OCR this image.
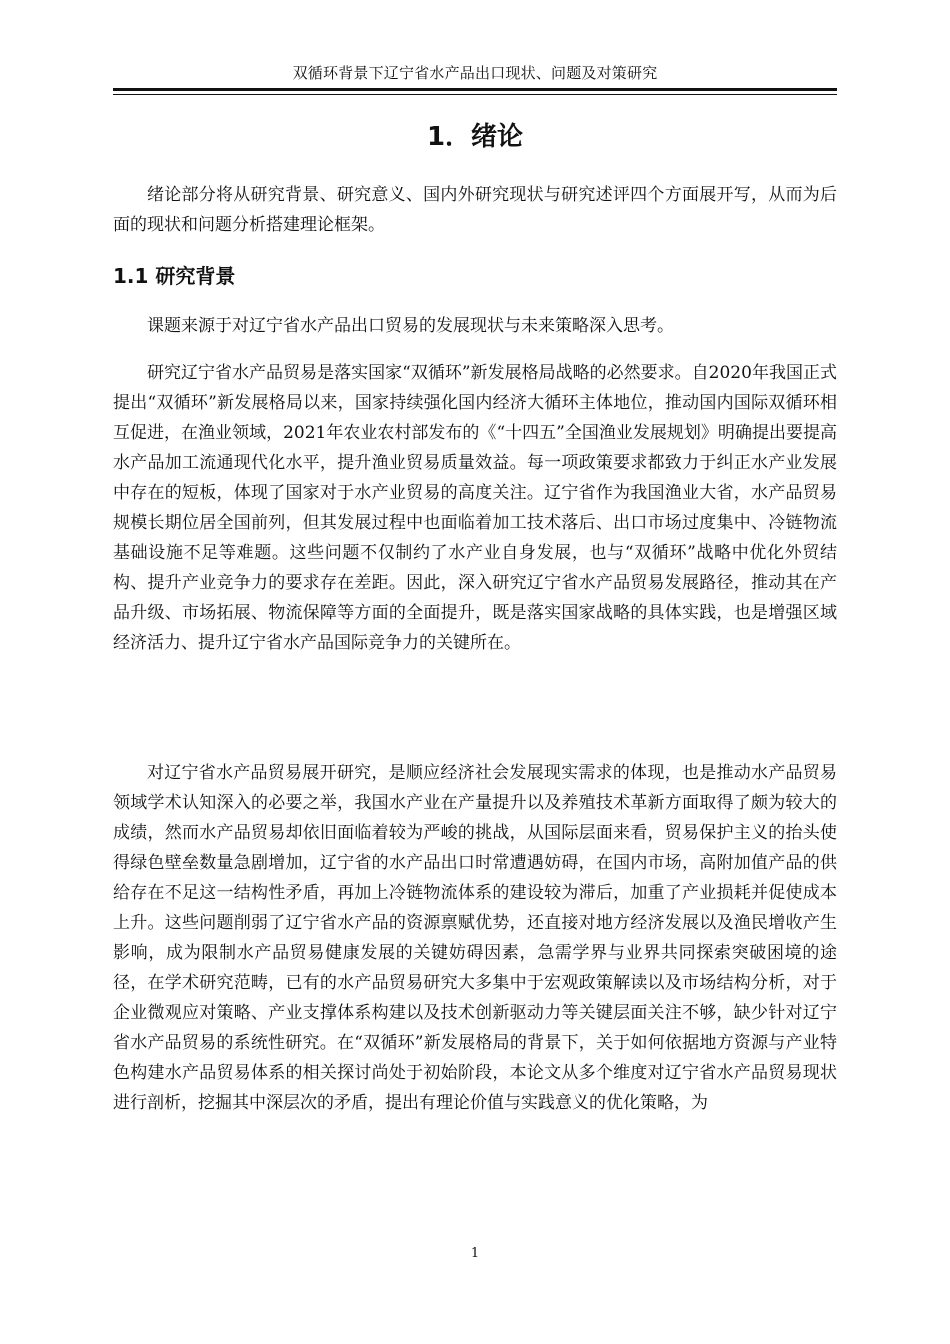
双循环背景下辽宁省水产品出口现状、问题及对策研究
1．绪论

绪论部分将从研究背景、研究意义、国内外研究现状与研究述评四个方面展开写，从而为后面的现状和问题分析搭建理论框架。

1.1 研究背景

课题来源于对辽宁省水产品出口贸易的发展现状与未来策略深入思考。

研究辽宁省水产品贸易是落实国家“双循环”新发展格局战略的必然要求。自2020年我国正式提出“双循环”新发展格局以来，国家持续强化国内经济大循环主体地位，推动国内国际双循环相互促进，在渔业领域，2021年农业农村部发布的《“十四五”全国渔业发展规划》明确提出要提高水产品加工流通现代化水平，提升渔业贸易质量效益。每一项政策要求都致力于纠正水产业发展中存在的短板，体现了国家对于水产业贸易的高度关注。辽宁省作为我国渔业大省，水产品贸易规模长期位居全国前列，但其发展过程中也面临着加工技术落后、出口市场过度集中、冷链物流基础设施不足等难题。这些问题不仅制约了水产业自身发展，也与“双循环”战略中优化外贸结构、提升产业竞争力的要求存在差距。因此，深入研究辽宁省水产品贸易发展路径，推动其在产品升级、市场拓展、物流保障等方面的全面提升，既是落实国家战略的具体实践，也是增强区域经济活力、提升辽宁省水产品国际竞争力的关键所在。

对辽宁省水产品贸易展开研究，是顺应经济社会发展现实需求的体现，也是推动水产品贸易领域学术认知深入的必要之举，我国水产业在产量提升以及养殖技术革新方面取得了颇为较大的成绩，然而水产品贸易却依旧面临着较为严峻的挑战，从国际层面来看，贸易保护主义的抬头使得绿色壁垒数量急剧增加，辽宁省的水产品出口时常遭遇妨碍，在国内市场，高附加值产品的供给存在不足这一结构性矛盾，再加上冷链物流体系的建设较为滞后，加重了产业损耗并促使成本上升。这些问题削弱了辽宁省水产品的资源禀赋优势，还直接对地方经济发展以及渔民增收产生影响，成为限制水产品贸易健康发展的关键妨碍因素，急需学界与业界共同探索突破困境的途径，在学术研究范畴，已有的水产品贸易研究大多集中于宏观政策解读以及市场结构分析，对于企业微观应对策略、产业支撑体系构建以及技术创新驱动力等关键层面关注不够，缺少针对辽宁省水产品贸易的系统性研究。在“双循环”新发展格局的背景下，关于如何依据地方资源与产业特色构建水产品贸易体系的相关探讨尚处于初始阶段，本论文从多个维度对辽宁省水产品贸易现状进行剖析，挖掘其中深层次的矛盾，提出有理论价值与实践意义的优化策略，为

1
